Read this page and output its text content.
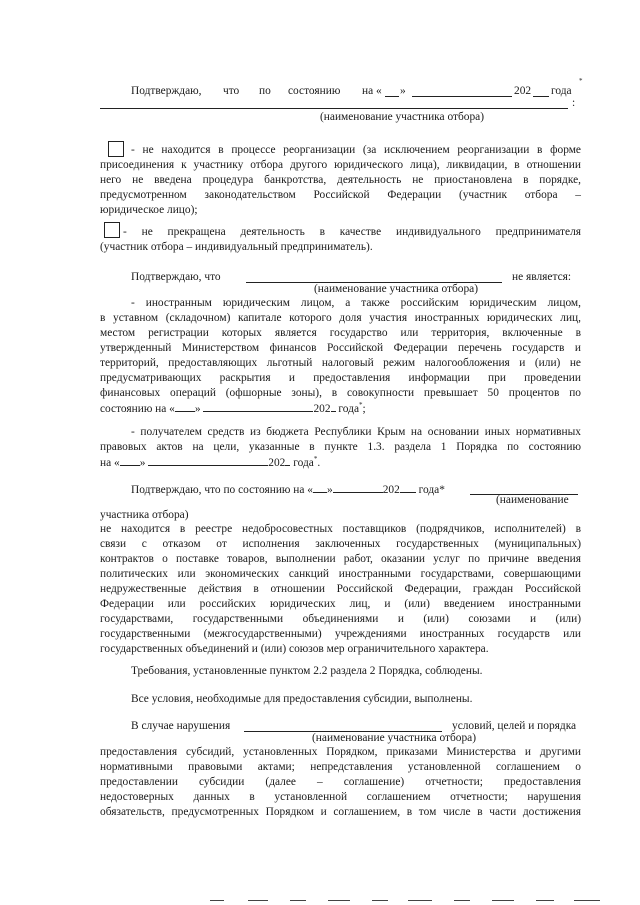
Подтверждаю, что по состоянию на « »	202 года
*
:
(наименование участника отбора)
- не находится в процессе реорганизации (за исключением реорганизации в форме
присоединения к участнику отбора другого юридического лица), ликвидации, в отношении
него не введена процедура банкротства, деятельность не приостановлена в порядке,
предусмотренном законодательством Российской Федерации (участник отбора –
юридическое лицо);
- не прекращена деятельность в качестве индивидуального предпринимателя
(участник отбора – индивидуальный предприниматель).
Подтверждаю, что	не является:
(наименование участника отбора)
- иностранным юридическим лицом, а также российским юридическим лицом,
в уставном (складочном) капитале которого доля участия иностранных юридических лиц,
местом регистрации которых является государство или территория, включенные в
утвержденный Министерством финансов Российской Федерации перечень государств и
территорий, предоставляющих льготный налоговый режим налогообложения и (или) не
предусматривающих раскрытия и предоставления информации при проведении
финансовых операций (офшорные зоны), в совокупности превышает 50 процентов по
состоянию на « »	202 года*;
- получателем средств из бюджета Республики Крым на основании иных нормативных
правовых актов на цели, указанные в пункте 1.3. раздела 1 Порядка по состоянию
на « »	202 года*.
Подтверждаю, что по состоянию на « »	202 года*
(наименование
участника отбора)
не находится в реестре недобросовестных поставщиков (подрядчиков, исполнителей) в
связи с отказом от исполнения заключенных государственных (муниципальных)
контрактов о поставке товаров, выполнении работ, оказании услуг по причине введения
политических или экономических санкций иностранными государствами, совершающими
недружественные действия в отношении Российской Федерации, граждан Российской
Федерации или российских юридических лиц, и (или) введением иностранными
государствами, государственными объединениями и (или) союзами и (или)
государственными (межгосударственными) учреждениями иностранных государств или
государственных объединений и (или) союзов мер ограничительного характера.
Требования, установленные пунктом 2.2 раздела 2 Порядка, соблюдены.
Все условия, необходимые для предоставления субсидии, выполнены.
В случае нарушения	условий, целей и порядка
(наименование участника отбора)
предоставления субсидий, установленных Порядком, приказами Министерства и другими
нормативными правовыми актами; непредставления установленной соглашением о
предоставлении субсидии (далее – соглашение) отчетности; предоставления
недостоверных данных в установленной соглашением отчетности; нарушения
обязательств, предусмотренных Порядком и соглашением, в том числе в части достижения
